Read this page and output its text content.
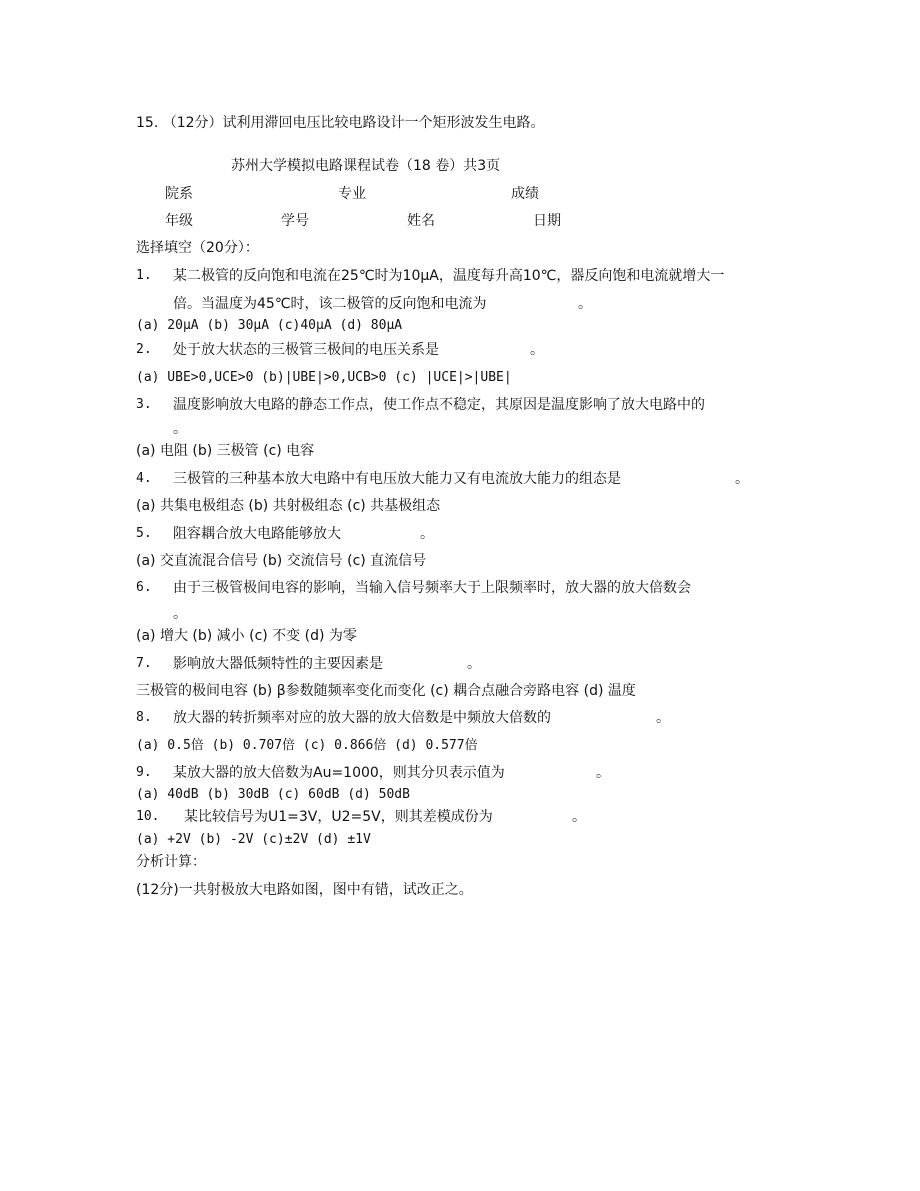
15. （12分）试利用滞回电压比较电路设计一个矩形波发生电路。
苏州大学模拟电路课程试卷（18 卷）共3页
院系	专业	成绩
年级	学号	姓名	日期
选择填空（20分）：
1. 某二极管的反向饱和电流在25℃时为10μA，温度每升高10℃，器反向饱和电流就增大一
倍。当温度为45℃时，该二极管的反向饱和电流为	。
(a) 20μA (b) 30μA (c)40μA (d) 80μA
2. 处于放大状态的三极管三极间的电压关系是	。
(a) UBE>0,UCE>0 (b)|UBE|>0,UCB>0 (c) |UCE|>|UBE|
3. 温度影响放大电路的静态工作点，使工作点不稳定，其原因是温度影响了放大电路中的
。
(a) 电阻 (b) 三极管 (c) 电容
4. 三极管的三种基本放大电路中有电压放大能力又有电流放大能力的组态是	。
(a) 共集电极组态 (b) 共射极组态 (c) 共基极组态
5. 阻容耦合放大电路能够放大	。
(a) 交直流混合信号 (b) 交流信号 (c) 直流信号
6. 由于三极管极间电容的影响，当输入信号频率大于上限频率时，放大器的放大倍数会
。
(a) 增大 (b) 减小 (c) 不变 (d) 为零
7. 影响放大器低频特性的主要因素是	。
三极管的极间电容 (b) β参数随频率变化而变化 (c) 耦合点融合旁路电容 (d) 温度
8. 放大器的转折频率对应的放大器的放大倍数是中频放大倍数的	。
(a) 0.5倍 (b) 0.707倍 (c) 0.866倍 (d) 0.577倍
9. 某放大器的放大倍数为Au=1000，则其分贝表示值为	。
(a) 40dB (b) 30dB (c) 60dB (d) 50dB
10. 某比较信号为U1=3V，U2=5V，则其差模成份为	。
(a) +2V (b) -2V (c)±2V (d) ±1V
分析计算：
(12分)一共射极放大电路如图，图中有错，试改正之。
